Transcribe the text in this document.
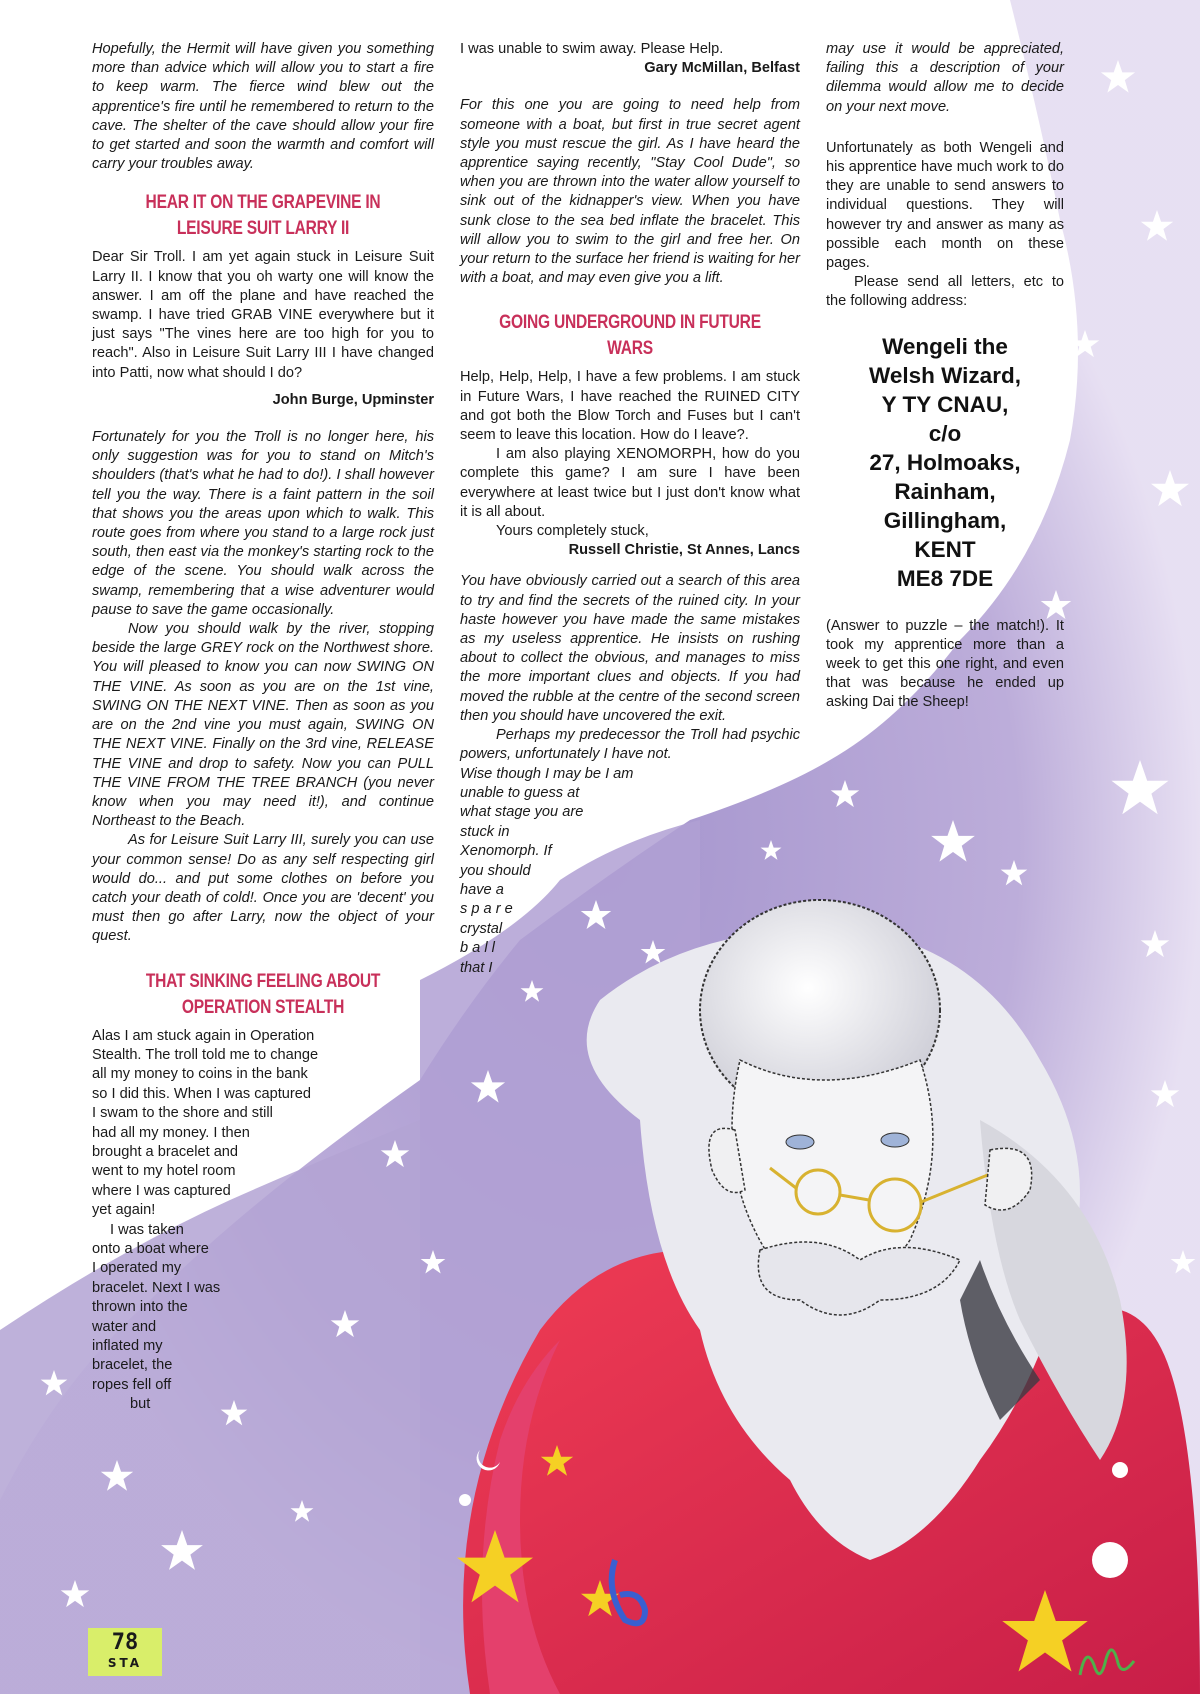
Hopefully, the Hermit will have given you something more than advice which will allow you to start a fire to keep warm. The fierce wind blew out the apprentice's fire until he remembered to return to the cave. The shelter of the cave should allow your fire to get started and soon the warmth and comfort will carry your troubles away.

HEAR IT ON THE GRAPEVINE IN LEISURE SUIT LARRY II

Dear Sir Troll. I am yet again stuck in Leisure Suit Larry II. I know that you oh warty one will know the answer. I am off the plane and have reached the swamp. I have tried GRAB VINE everywhere but it just says "The vines here are too high for you to reach". Also in Leisure Suit Larry III I have changed into Patti, now what should I do?

John Burge, Upminster

Fortunately for you the Troll is no longer here, his only suggestion was for you to stand on Mitch's shoulders (that's what he had to do!). I shall however tell you the way. There is a faint pattern in the soil that shows you the areas upon which to walk. This route goes from where you stand to a large rock just south, then east via the monkey's starting rock to the edge of the scene. You should walk across the swamp, remembering that a wise adventurer would pause to save the game occasionally.

Now you should walk by the river, stopping beside the large GREY rock on the Northwest shore. You will pleased to know you can now SWING ON THE VINE. As soon as you are on the 1st vine, SWING ON THE NEXT VINE. Then as soon as you are on the 2nd vine you must again, SWING ON THE NEXT VINE. Finally on the 3rd vine, RELEASE THE VINE and drop to safety. Now you can PULL THE VINE FROM THE TREE BRANCH (you never know when you may need it!), and continue Northeast to the Beach.

As for Leisure Suit Larry III, surely you can use your common sense! Do as any self respecting girl would do... and put some clothes on before you catch your death of cold!. Once you are 'decent' you must then go after Larry, now the object of your quest.

THAT SINKING FEELING ABOUT OPERATION STEALTH
Alas I am stuck again in Operation
Stealth. The troll told me to change
all my money to coins in the bank
so I did this. When I was captured
I swam to the shore and still
had all my money. I then
brought a bracelet and
went to my hotel room
where I was captured
yet again!
I was taken
onto a boat where
I operated my
bracelet. Next I was
thrown into the
water and
inflated my
bracelet, the
ropes fell off
but

I was unable to swim away. Please Help.

Gary McMillan, Belfast

For this one you are going to need help from someone with a boat, but first in true secret agent style you must rescue the girl. As I have heard the apprentice saying recently, "Stay Cool Dude", so when you are thrown into the water allow yourself to sink out of the kidnapper's view. When you have sunk close to the sea bed inflate the bracelet. This will allow you to swim to the girl and free her. On your return to the surface her friend is waiting for her with a boat, and may even give you a lift.

GOING UNDERGROUND IN FUTURE WARS

Help, Help, Help, I have a few problems. I am stuck in Future Wars, I have reached the RUINED CITY and got both the Blow Torch and Fuses but I can't seem to leave this location. How do I leave?.

I am also playing XENOMORPH, how do you complete this game? I am sure I have been everywhere at least twice but I just don't know what it is all about.

Yours completely stuck,

Russell Christie, St Annes, Lancs

You have obviously carried out a search of this area to try and find the secrets of the ruined city. In your haste however you have made the same mistakes as my useless apprentice. He insists on rushing about to collect the obvious, and manages to miss the more important clues and objects. If you had moved the rubble at the centre of the second screen then you should have uncovered the exit.

Perhaps my predecessor the Troll had psychic powers, unfortunately I have not.

Wise though I may be I am
unable to guess at
what stage you are
stuck in
Xenomorph. If
you should
have a
s p a r e
crystal
b a l l
that I

may use it would be appreciated, failing this a description of your dilemma would allow me to decide on your next move.

Unfortunately as both Wengeli and his apprentice have much work to do they are unable to send answers to individual questions. They will however try and answer as many as possible each month on these pages.

Please send all letters, etc to the following address:

Wengeli the
Welsh Wizard,
Y TY CNAU,
c/o
27, Holmoaks,
Rainham,
Gillingham,
KENT
ME8 7DE

(Answer to puzzle – the match!). It took my apprentice more than a week to get this one right, and even that was because he ended up asking Dai the Sheep!

78
STA
